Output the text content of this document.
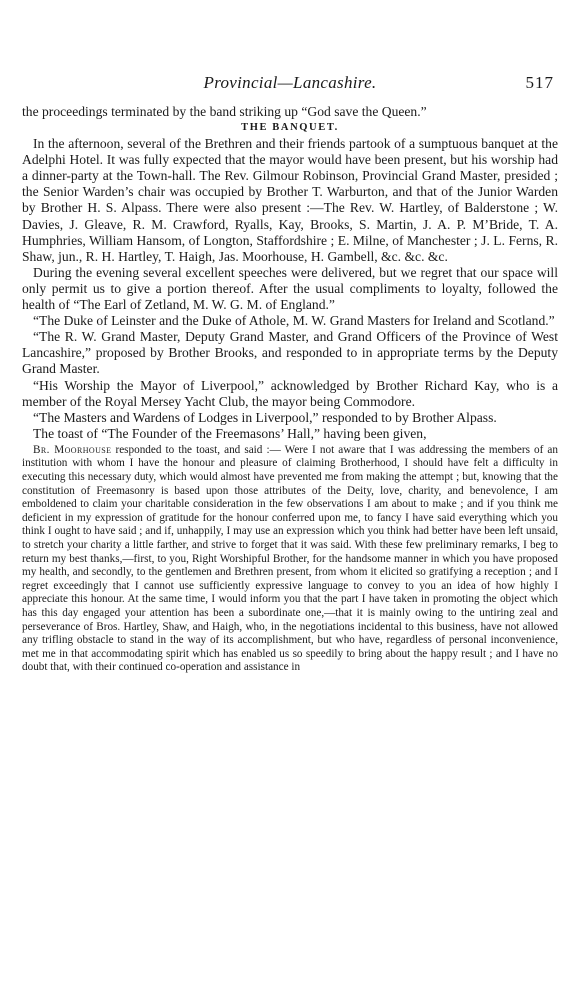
Provincial—Lancashire.	517

the proceedings terminated by the band striking up “God save the Queen.”

THE BANQUET.

In the afternoon, several of the Brethren and their friends partook of a sumptuous banquet at the Adelphi Hotel. It was fully expected that the mayor would have been present, but his worship had a dinner-party at the Town-hall. The Rev. Gilmour Robinson, Provincial Grand Master, presided ; the Senior Warden’s chair was occupied by Brother T. Warburton, and that of the Junior Warden by Brother H. S. Alpass. There were also present :—The Rev. W. Hartley, of Balderstone ; W. Davies, J. Gleave, R. M. Crawford, Ryalls, Kay, Brooks, S. Martin, J. A. P. M’Bride, T. A. Humphries, William Hansom, of Longton, Staffordshire ; E. Milne, of Manchester ; J. L. Ferns, R. Shaw, jun., R. H. Hartley, T. Haigh, Jas. Moorhouse, H. Gambell, &c. &c. &c.

During the evening several excellent speeches were delivered, but we regret that our space will only permit us to give a portion thereof. After the usual compliments to loyalty, followed the health of “The Earl of Zetland, M. W. G. M. of England.”

“The Duke of Leinster and the Duke of Athole, M. W. Grand Masters for Ireland and Scotland.”

“The R. W. Grand Master, Deputy Grand Master, and Grand Officers of the Province of West Lancashire,” proposed by Brother Brooks, and responded to in appropriate terms by the Deputy Grand Master.

“His Worship the Mayor of Liverpool,” acknowledged by Brother Richard Kay, who is a member of the Royal Mersey Yacht Club, the mayor being Commodore.

“The Masters and Wardens of Lodges in Liverpool,” responded to by Brother Alpass.

The toast of “The Founder of the Freemasons’ Hall,” having been given,

Br. Moorhouse responded to the toast, and said :— Were I not aware that I was addressing the members of an institution with whom I have the honour and pleasure of claiming Brotherhood, I should have felt a difficulty in executing this necessary duty, which would almost have prevented me from making the attempt ; but, knowing that the constitution of Freemasonry is based upon those attributes of the Deity, love, charity, and benevolence, I am emboldened to claim your charitable consideration in the few observations I am about to make ; and if you think me deficient in my expression of gratitude for the honour conferred upon me, to fancy I have said everything which you think I ought to have said ; and if, unhappily, I may use an expression which you think had better have been left unsaid, to stretch your charity a little farther, and strive to forget that it was said. With these few preliminary remarks, I beg to return my best thanks,—first, to you, Right Worshipful Brother, for the handsome manner in which you have proposed my health, and secondly, to the gentlemen and Brethren present, from whom it elicited so gratifying a reception ; and I regret exceedingly that I cannot use sufficiently expressive language to convey to you an idea of how highly I appreciate this honour. At the same time, I would inform you that the part I have taken in promoting the object which has this day engaged your attention has been a subordinate one,—that it is mainly owing to the untiring zeal and perseverance of Bros. Hartley, Shaw, and Haigh, who, in the negotiations incidental to this business, have not allowed any trifling obstacle to stand in the way of its accomplishment, but who have, regardless of personal inconvenience, met me in that accommodating spirit which has enabled us so speedily to bring about the happy result ; and I have no doubt that, with their continued co-operation and assistance in
